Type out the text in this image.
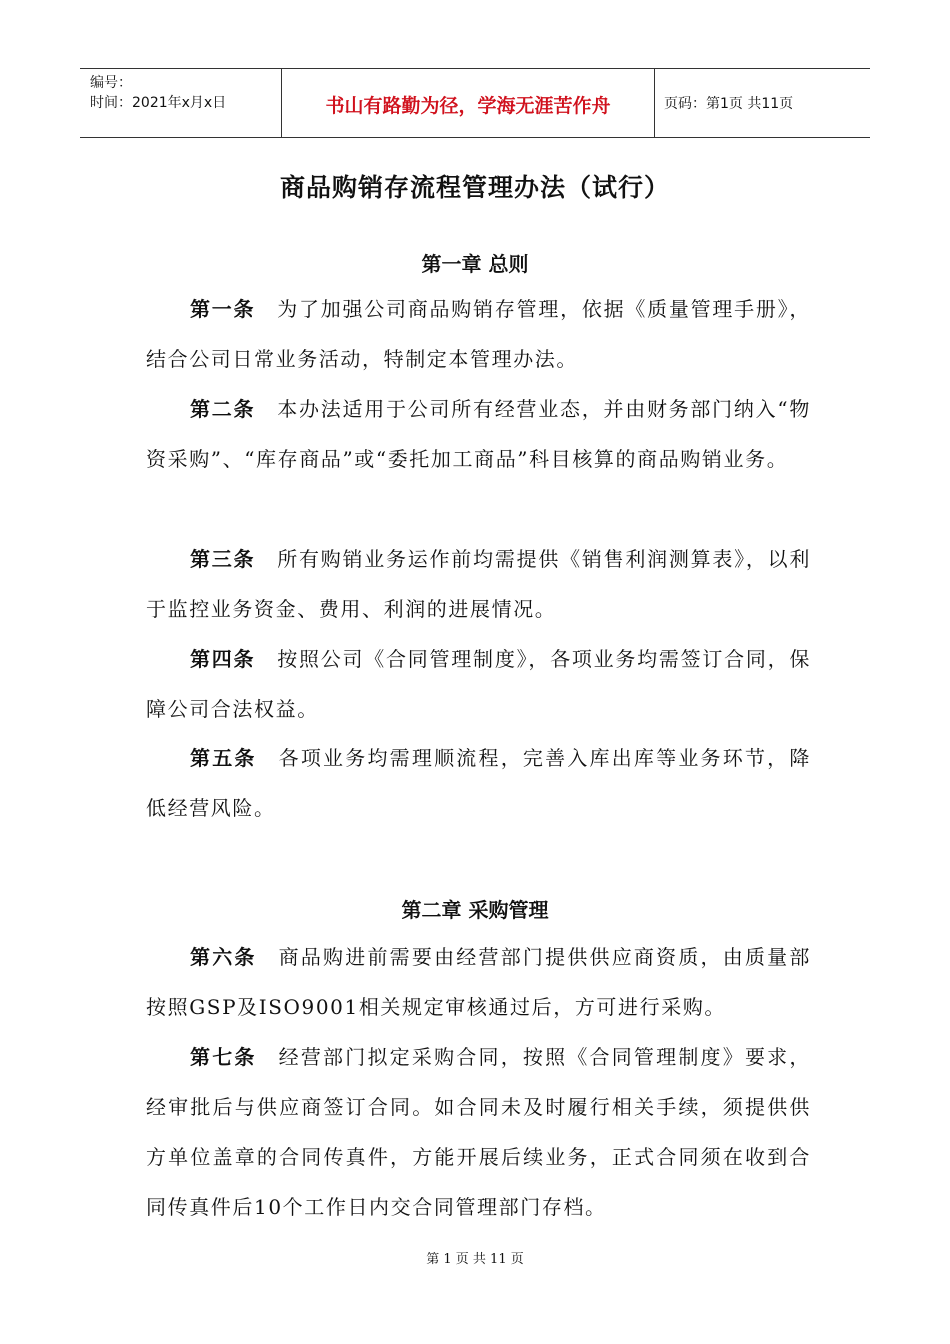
编号：
时间：2021年x月x日	书山有路勤为径，学海无涯苦作舟	页码：第1页 共11页
商品购销存流程管理办法（试行）
第一章 总则
第一条 为了加强公司商品购销存管理，依据《质量管理手册》，结合公司日常业务活动，特制定本管理办法。
第二条 本办法适用于公司所有经营业态，并由财务部门纳入“物资采购”、“库存商品”或“委托加工商品”科目核算的商品购销业务。
第三条 所有购销业务运作前均需提供《销售利润测算表》，以利于监控业务资金、费用、利润的进展情况。
第四条 按照公司《合同管理制度》，各项业务均需签订合同，保障公司合法权益。
第五条 各项业务均需理顺流程，完善入库出库等业务环节，降低经营风险。
第二章 采购管理
第六条 商品购进前需要由经营部门提供供应商资质，由质量部按照GSP及ISO9001相关规定审核通过后，方可进行采购。
第七条 经营部门拟定采购合同，按照《合同管理制度》要求，经审批后与供应商签订合同。如合同未及时履行相关手续，须提供供方单位盖章的合同传真件，方能开展后续业务，正式合同须在收到合同传真件后10个工作日内交合同管理部门存档。
第 1 页 共 11 页
